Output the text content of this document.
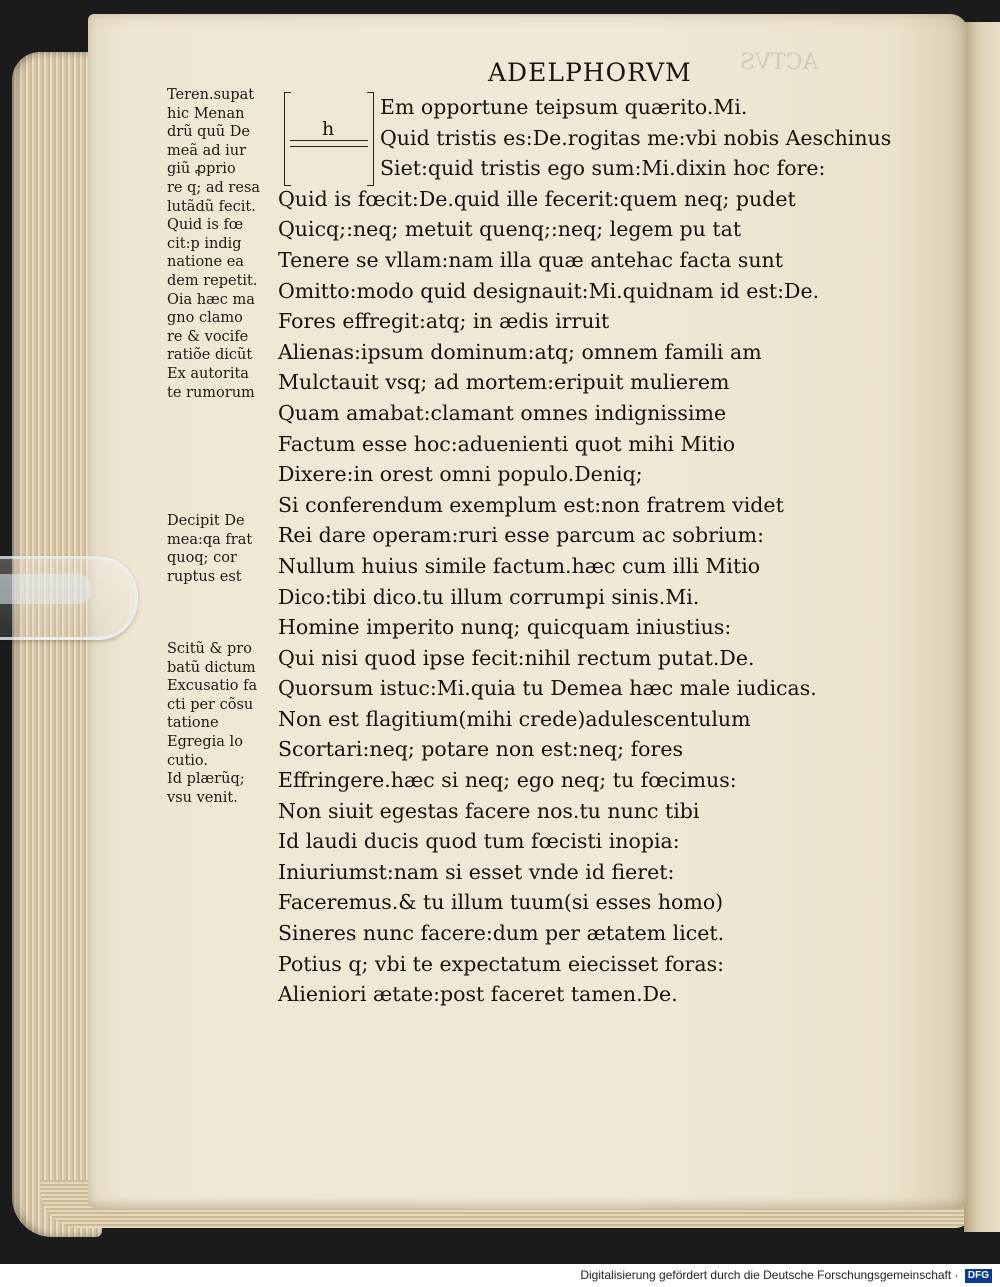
ACTVS
ADELPHORVM
h
Em opportune teipsum quærito.Mi.
Quid tristis es:De.rogitas me:vbi nobis Aeschinus
Siet:quid tristis ego sum:Mi.dixin hoc fore:
Quid is fœcit:De.quid ille fecerit:quem neq; pudet
Quicq;:neq; metuit quenq;:neq; legem pu tat
Tenere se vllam:nam illa quæ antehac facta sunt
Omitto:modo quid designauit:Mi.quidnam id est:De.
Fores effregit:atq; in ædis irruit
Alienas:ipsum dominum:atq; omnem famili am
Mulctauit vsq; ad mortem:eripuit mulierem
Quam amabat:clamant omnes indignissime
Factum esse hoc:aduenienti quot mihi Mitio
Dixere:in orest omni populo.Deniq;
Si conferendum exemplum est:non fratrem videt
Rei dare operam:ruri esse parcum ac sobrium:
Nullum huius simile factum.hæc cum illi Mitio
Dico:tibi dico.tu illum corrumpi sinis.Mi.
Homine imperito nunq; quicquam iniustius:
Qui nisi quod ipse fecit:nihil rectum putat.De.
Quorsum istuc:Mi.quia tu Demea hæc male iudicas.
Non est flagitium(mihi crede)adulescentulum
Scortari:neq; potare non est:neq; fores
Effringere.hæc si neq; ego neq; tu fœcimus:
Non siuit egestas facere nos.tu nunc tibi
Id laudi ducis quod tum fœcisti inopia:
Iniuriumst:nam si esset vnde id fieret:
Faceremus.& tu illum tuum(si esses homo)
Sineres nunc facere:dum per ætatem licet.
Potius q; vbi te expectatum eiecisset foras:
Alieniori ætate:post faceret tamen.De.
Teren.supat
hic Menan
drũ quũ De
meã ad iur
giũ ꝓprio
re q; ad resa
lutãdũ fecit.
Quid is fœ
cit:p indig
natione ea
dem repetit.
Oia hæc ma
gno clamo
re & vocife
ratiõe dicũt
Ex autorita
te rumorum
Decipit De
mea:qa frat
quoq; cor
ruptus est
Scitũ & pro
batũ dictum
Excusatio fa
cti per cõsu
tatione
Egregia lo
cutio.
Id plærũq;
vsu venit.
Digitalisierung gefördert durch die Deutsche Forschungsgemeinschaft · DFG
